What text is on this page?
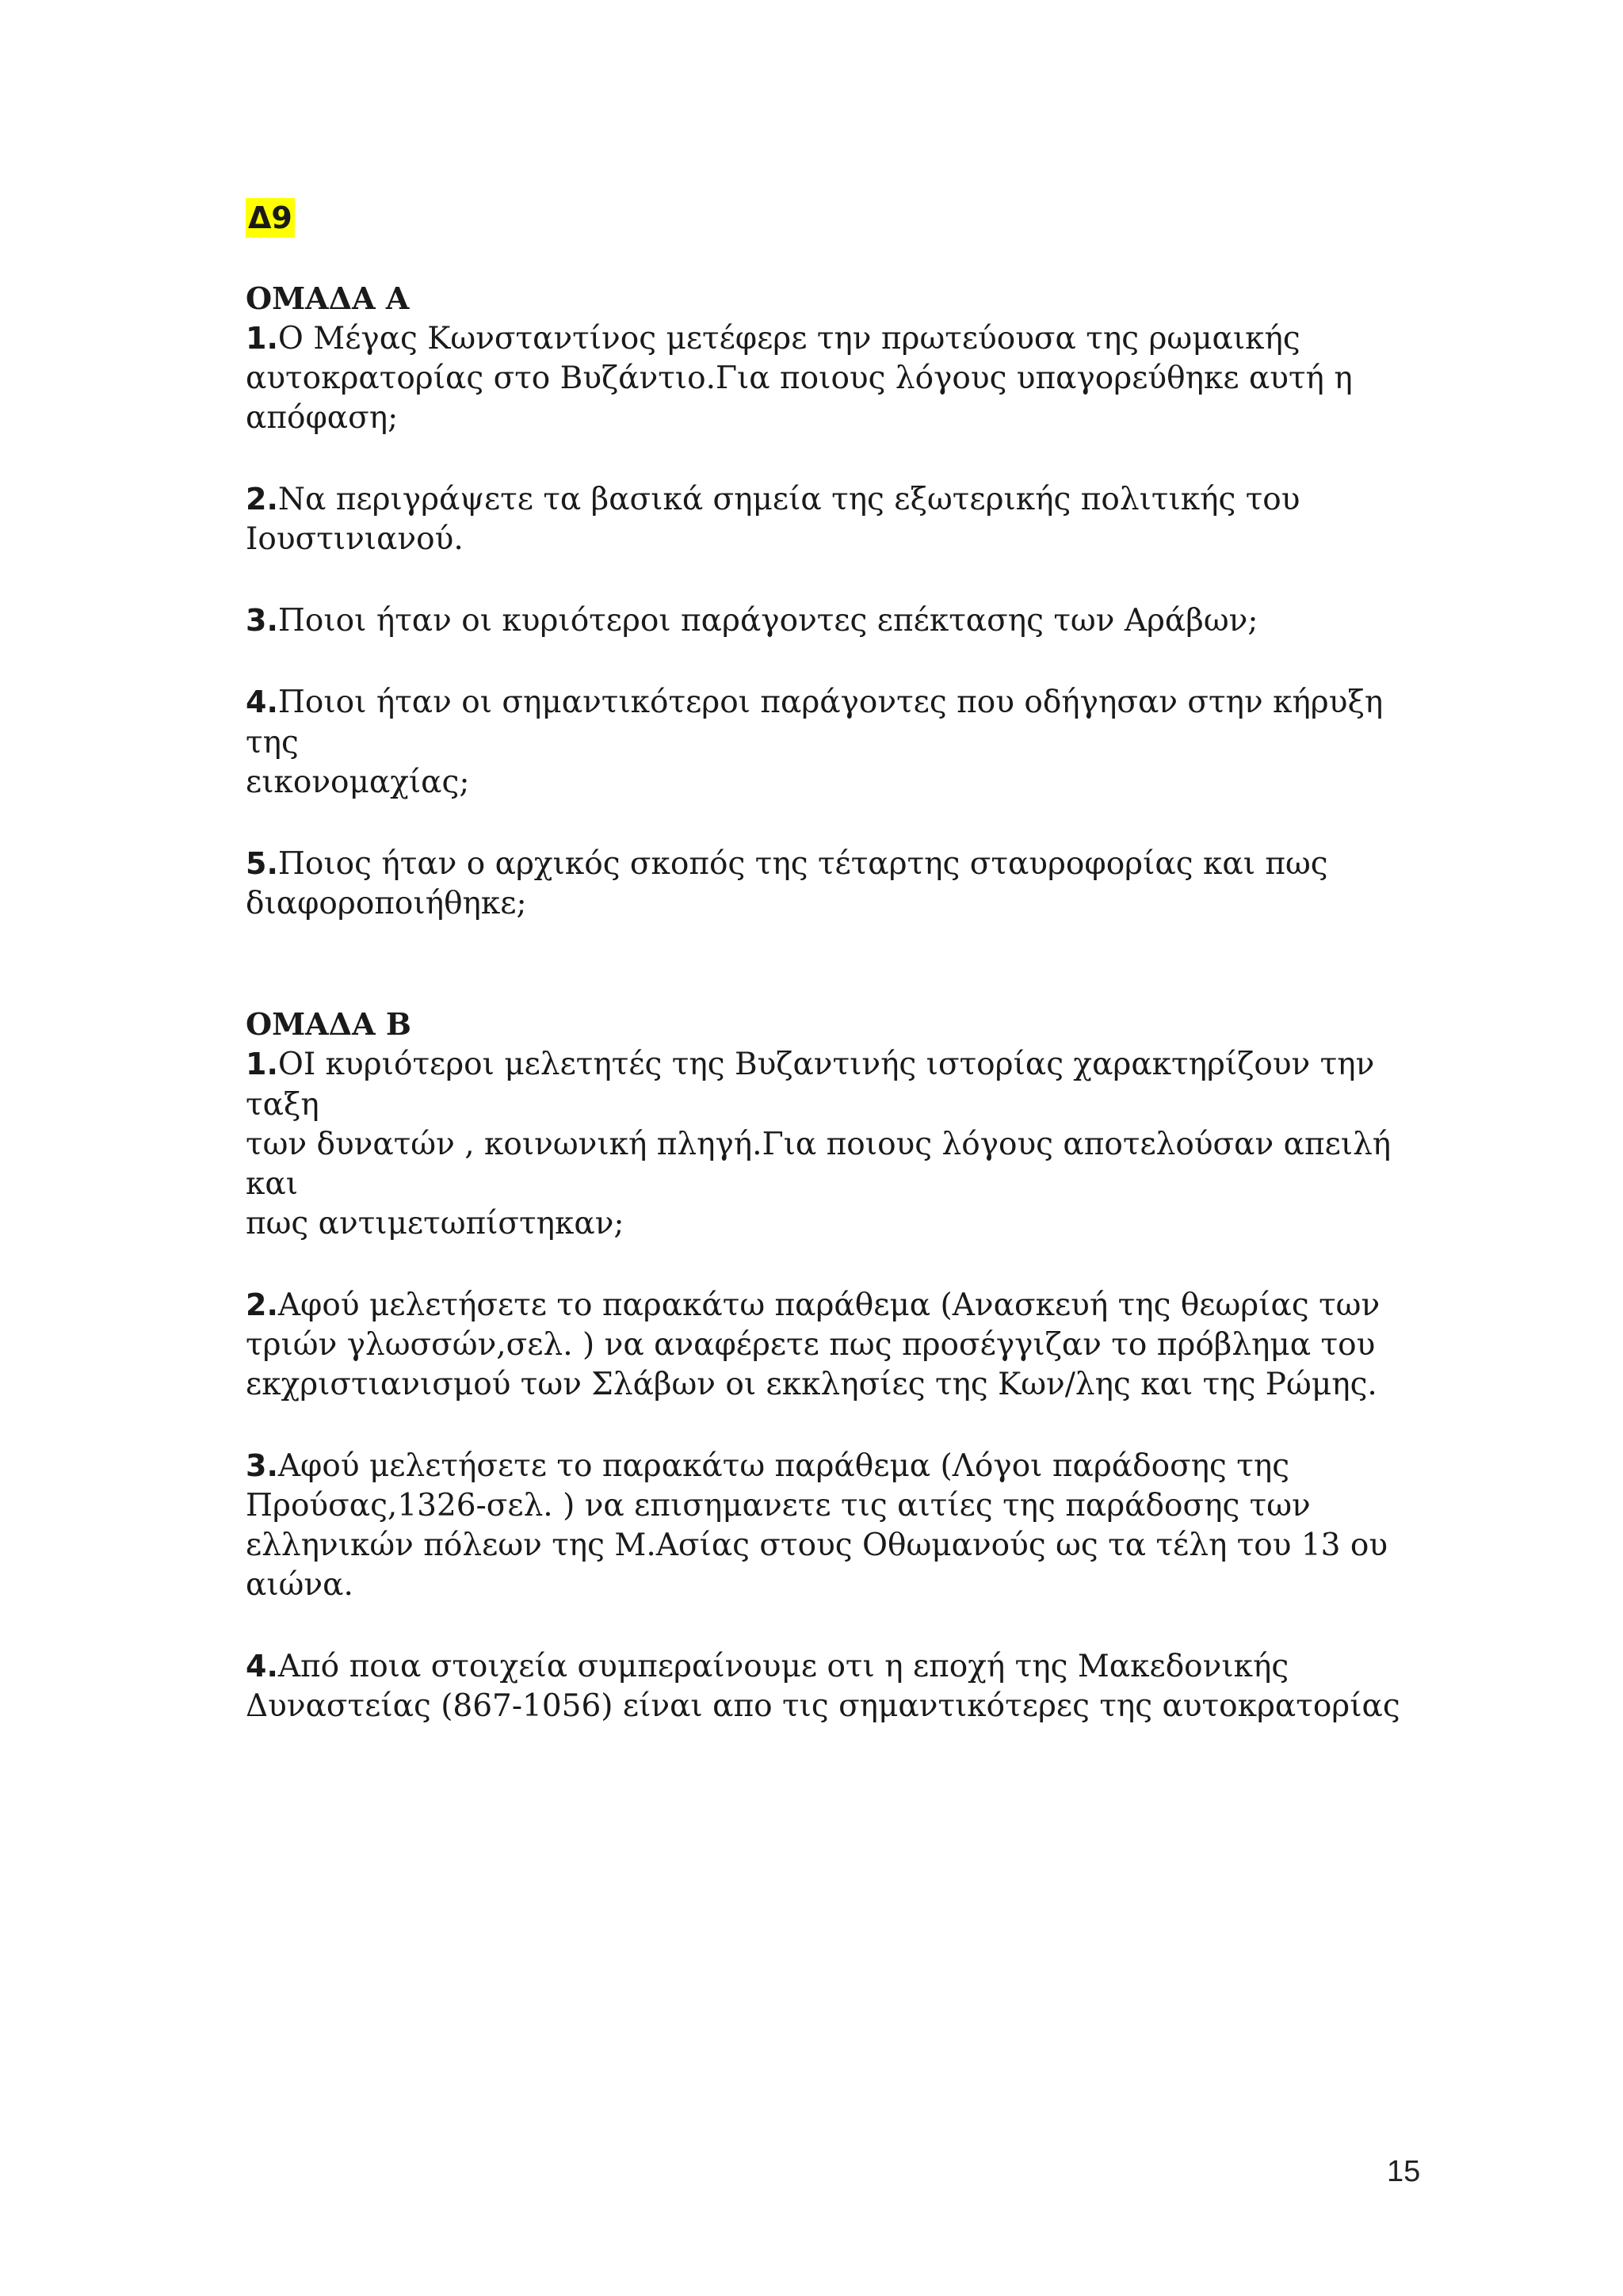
Δ9
ΟΜΑΔΑ Α
1.Ο Μέγας Κωνσταντίνος μετέφερε την πρωτεύουσα της ρωμαικής
αυτοκρατορίας στο Βυζάντιο.Για ποιους λόγους υπαγορεύθηκε αυτή η
απόφαση;
2.Να περιγράψετε τα βασικά σημεία της εξωτερικής πολιτικής του
Ιουστινιανού.
3.Ποιοι ήταν οι κυριότεροι παράγοντες επέκτασης των Αράβων;
4.Ποιοι ήταν οι σημαντικότεροι παράγοντες που οδήγησαν στην κήρυξη της
εικονομαχίας;
5.Ποιος ήταν ο αρχικός σκοπός της τέταρτης σταυροφορίας και πως
διαφοροποιήθηκε;
ΟΜΑΔΑ Β
1.ΟΙ κυριότεροι μελετητές της Βυζαντινής ιστορίας χαρακτηρίζουν την ταξη
των δυνατών , κοινωνική πληγή.Για ποιους λόγους αποτελούσαν απειλή και
πως αντιμετωπίστηκαν;
2.Αφού μελετήσετε το παρακάτω παράθεμα (Ανασκευή της θεωρίας των
τριών γλωσσών,σελ. ) να αναφέρετε πως προσέγγιζαν το πρόβλημα του
εκχριστιανισμού των Σλάβων οι εκκλησίες της Κων/λης και της Ρώμης.
3.Αφού μελετήσετε το παρακάτω παράθεμα (Λόγοι παράδοσης της
Προύσας,1326-σελ. ) να επισημανετε τις αιτίες της παράδοσης των
ελληνικών πόλεων της Μ.Ασίας στους Οθωμανούς ως τα τέλη του 13 ου
αιώνα.
4.Από ποια στοιχεία συμπεραίνουμε οτι η εποχή της Μακεδονικής
Δυναστείας (867-1056) είναι απο τις σημαντικότερες της αυτοκρατορίας
15
